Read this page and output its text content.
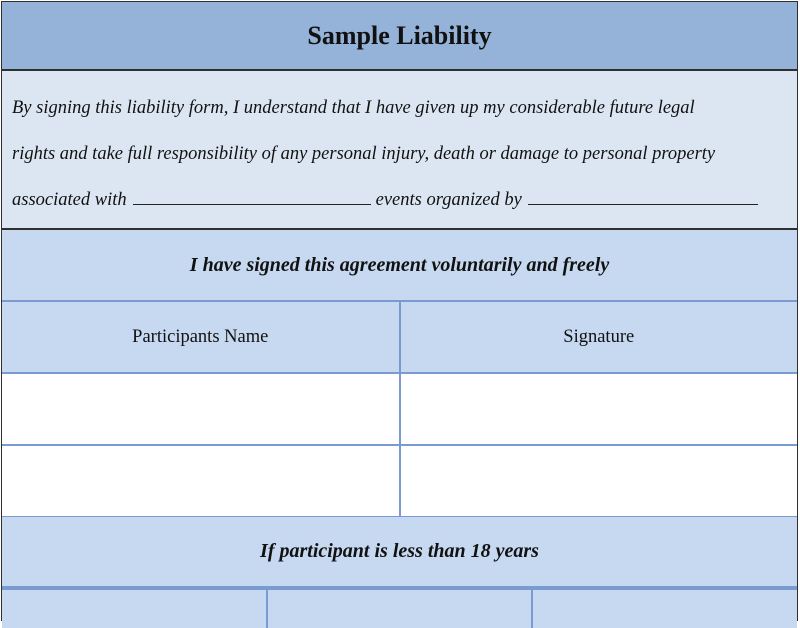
Sample Liability

By signing this liability form, I understand that I have given up my considerable future legal

rights and take full responsibility of any personal injury, death or damage to personal property

associated with	events organized by

I have signed this agreement voluntarily and freely
Participants Name	Signature
If participant is less than 18 years
